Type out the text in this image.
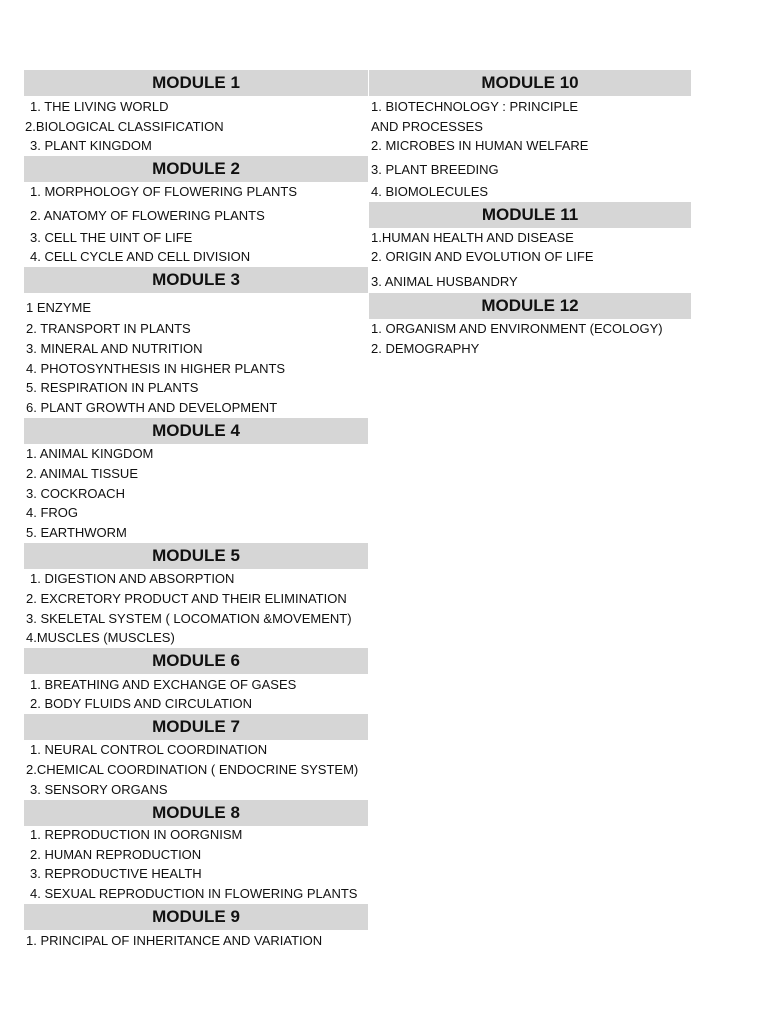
MODULE 1
1. THE LIVING WORLD
2.BIOLOGICAL CLASSIFICATION
3. PLANT KINGDOM
MODULE 2
1. MORPHOLOGY OF FLOWERING PLANTS
2. ANATOMY OF FLOWERING PLANTS
3. CELL THE UINT OF LIFE
4. CELL CYCLE AND CELL DIVISION
MODULE 3
1 ENZYME
2. TRANSPORT IN PLANTS
3. MINERAL AND NUTRITION
4. PHOTOSYNTHESIS IN HIGHER PLANTS
5. RESPIRATION IN PLANTS
6. PLANT GROWTH AND DEVELOPMENT
MODULE 4
1. ANIMAL KINGDOM
2. ANIMAL TISSUE
3. COCKROACH
4. FROG
5. EARTHWORM
MODULE 5
1. DIGESTION AND ABSORPTION
2. EXCRETORY PRODUCT AND THEIR ELIMINATION
3. SKELETAL SYSTEM ( LOCOMATION &MOVEMENT)
4.MUSCLES (MUSCLES)
MODULE 6
1. BREATHING AND EXCHANGE OF GASES
2. BODY FLUIDS AND CIRCULATION
MODULE 7
1. NEURAL CONTROL COORDINATION
2.CHEMICAL COORDINATION ( ENDOCRINE SYSTEM)
3. SENSORY ORGANS
MODULE 8
1. REPRODUCTION IN OORGNISM
2. HUMAN REPRODUCTION
3. REPRODUCTIVE HEALTH
4. SEXUAL REPRODUCTION IN FLOWERING PLANTS
MODULE 9
1. PRINCIPAL OF INHERITANCE AND VARIATION
MODULE 10
1. BIOTECHNOLOGY : PRINCIPLE
AND PROCESSES
2. MICROBES IN HUMAN WELFARE
3. PLANT BREEDING
4. BIOMOLECULES
MODULE 11
1.HUMAN HEALTH AND DISEASE
2. ORIGIN AND EVOLUTION OF LIFE
3. ANIMAL HUSBANDRY
MODULE 12
1. ORGANISM AND ENVIRONMENT (ECOLOGY)
2. DEMOGRAPHY
